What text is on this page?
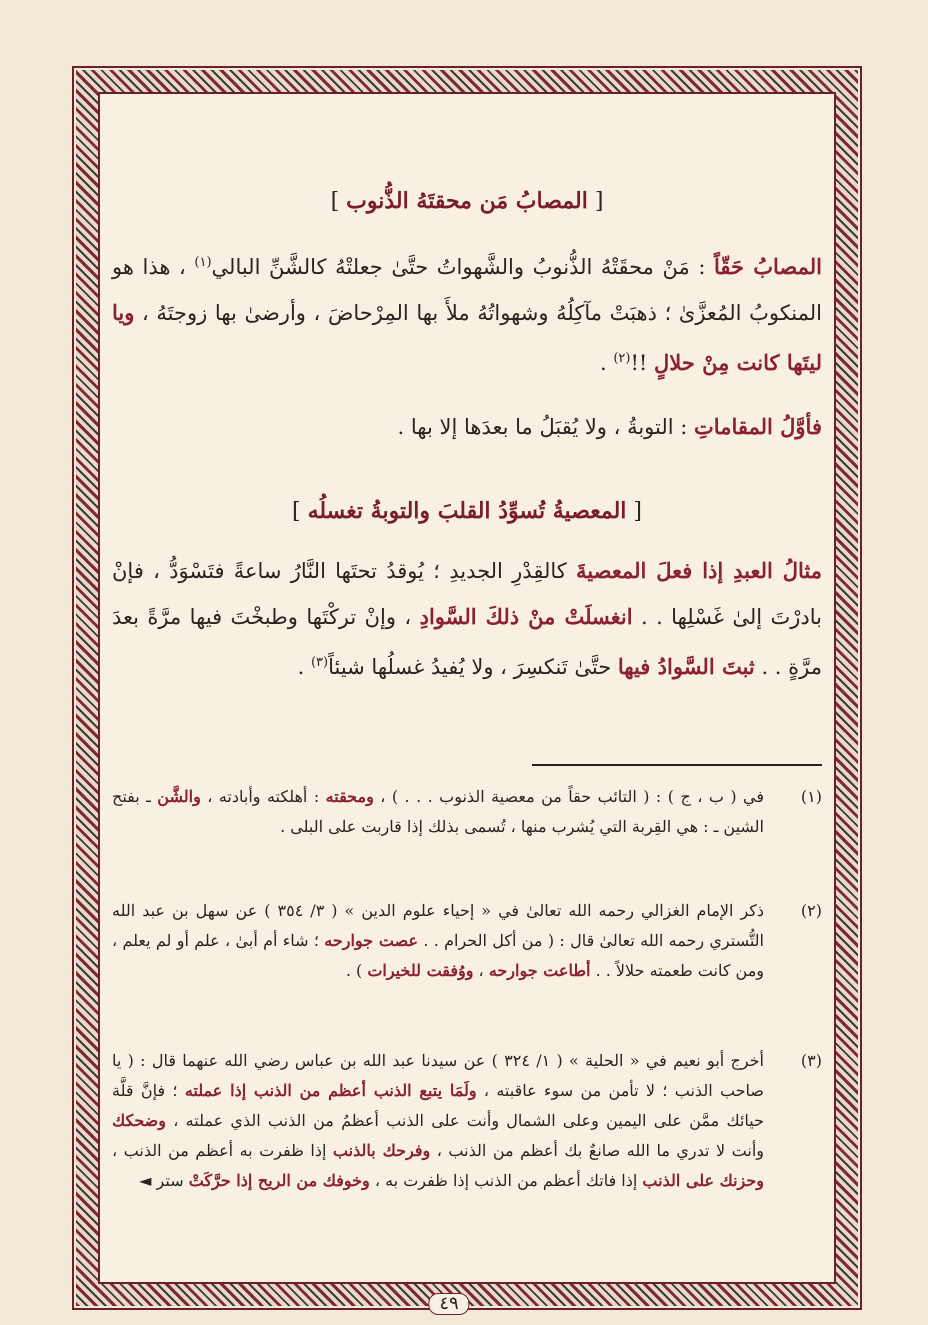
[ المصابُ مَن محقتَهُ الذُّنوب ]

المصابُ حَقّاً : مَنْ محقَتْهُ الذُّنوبُ والشَّهواتُ حتَّىٰ جعلتْهُ كالشَّنِّ البالي$^{(١)}$ ، هذا هو المنكوبُ المُعزَّىٰ ؛ ذهبَتْ مآكِلُهُ وشهواتُهُ ملأَ بها المِرْحاضَ ، وأرضىٰ بها زوجتَهُ ، ويا ليتَها كانت مِنْ حلالٍ !!$^{(٢)}$ .

فأوَّلُ المقاماتِ : التوبةُ ، ولا يُقبَلُ ما بعدَها إلا بها .

[ المعصيةُ تُسوِّدُ القلبَ والتوبةُ تغسلُه ]

مثالُ العبدِ إذا فعلَ المعصيةَ كالقِدْرِ الجديدِ ؛ يُوقدُ تحتَها النَّارُ ساعةً فتَسْوَدُّ ، فإنْ بادرْتَ إلىٰ غَسْلِها . . انغسلَتْ منْ ذلكَ السَّوادِ ، وإنْ تركْتَها وطبخْتَ فيها مرَّةً بعدَ مرَّةٍ . . ثبتَ السَّوادُ فيها حتَّىٰ تَنكسِرَ ، ولا يُفيدُ غسلُها شيئاً$^{(٣)}$ .

(١)
في ( ب ، ج ) : ( التائب حقاً من معصية الذنوب . . . ) ، ومحقته : أهلكته وأبادته ، والشَّن ـ بفتح الشين ـ : هي القِربة التي يُشرب منها ، تُسمى بذلك إذا قاربت على البلى .

(٢)
ذكر الإمام الغزالي رحمه الله تعالىٰ في « إحياء علوم الدين » ( ٣/ ٣٥٤ ) عن سهل بن عبد الله التُّستري رحمه الله تعالىٰ قال : ( من أكل الحرام . . عصت جوارحه ؛ شاء أم أبىٰ ، علم أو لم يعلم ، ومن كانت طعمته حلالاً . . أطاعت جوارحه ، ووُفقت للخيرات ) .

(٣)
أخرج أبو نعيم في « الحلية » ( ١/ ٣٢٤ ) عن سيدنا عبد الله بن عباس رضي الله عنهما قال : ( يا صاحب الذنب ؛ لا تأمن من سوء عاقبته ، ولَمَا يتبع الذنب أعظم من الذنب إذا عملته ؛ فإنَّ قلَّة حيائك ممَّن على اليمين وعلى الشمال وأنت على الذنب أعظمُ من الذنب الذي عملته ، وضحكك وأنت لا تدري ما الله صانعٌ بك أعظم من الذنب ، وفرحك بالذنب إذا ظفرت به أعظم من الذنب ، وحزنك على الذنب إذا فاتك أعظم من الذنب إذا ظفرت به ، وخوفك من الريح إذا حرَّكَتْ ستر ◄

٤٩
